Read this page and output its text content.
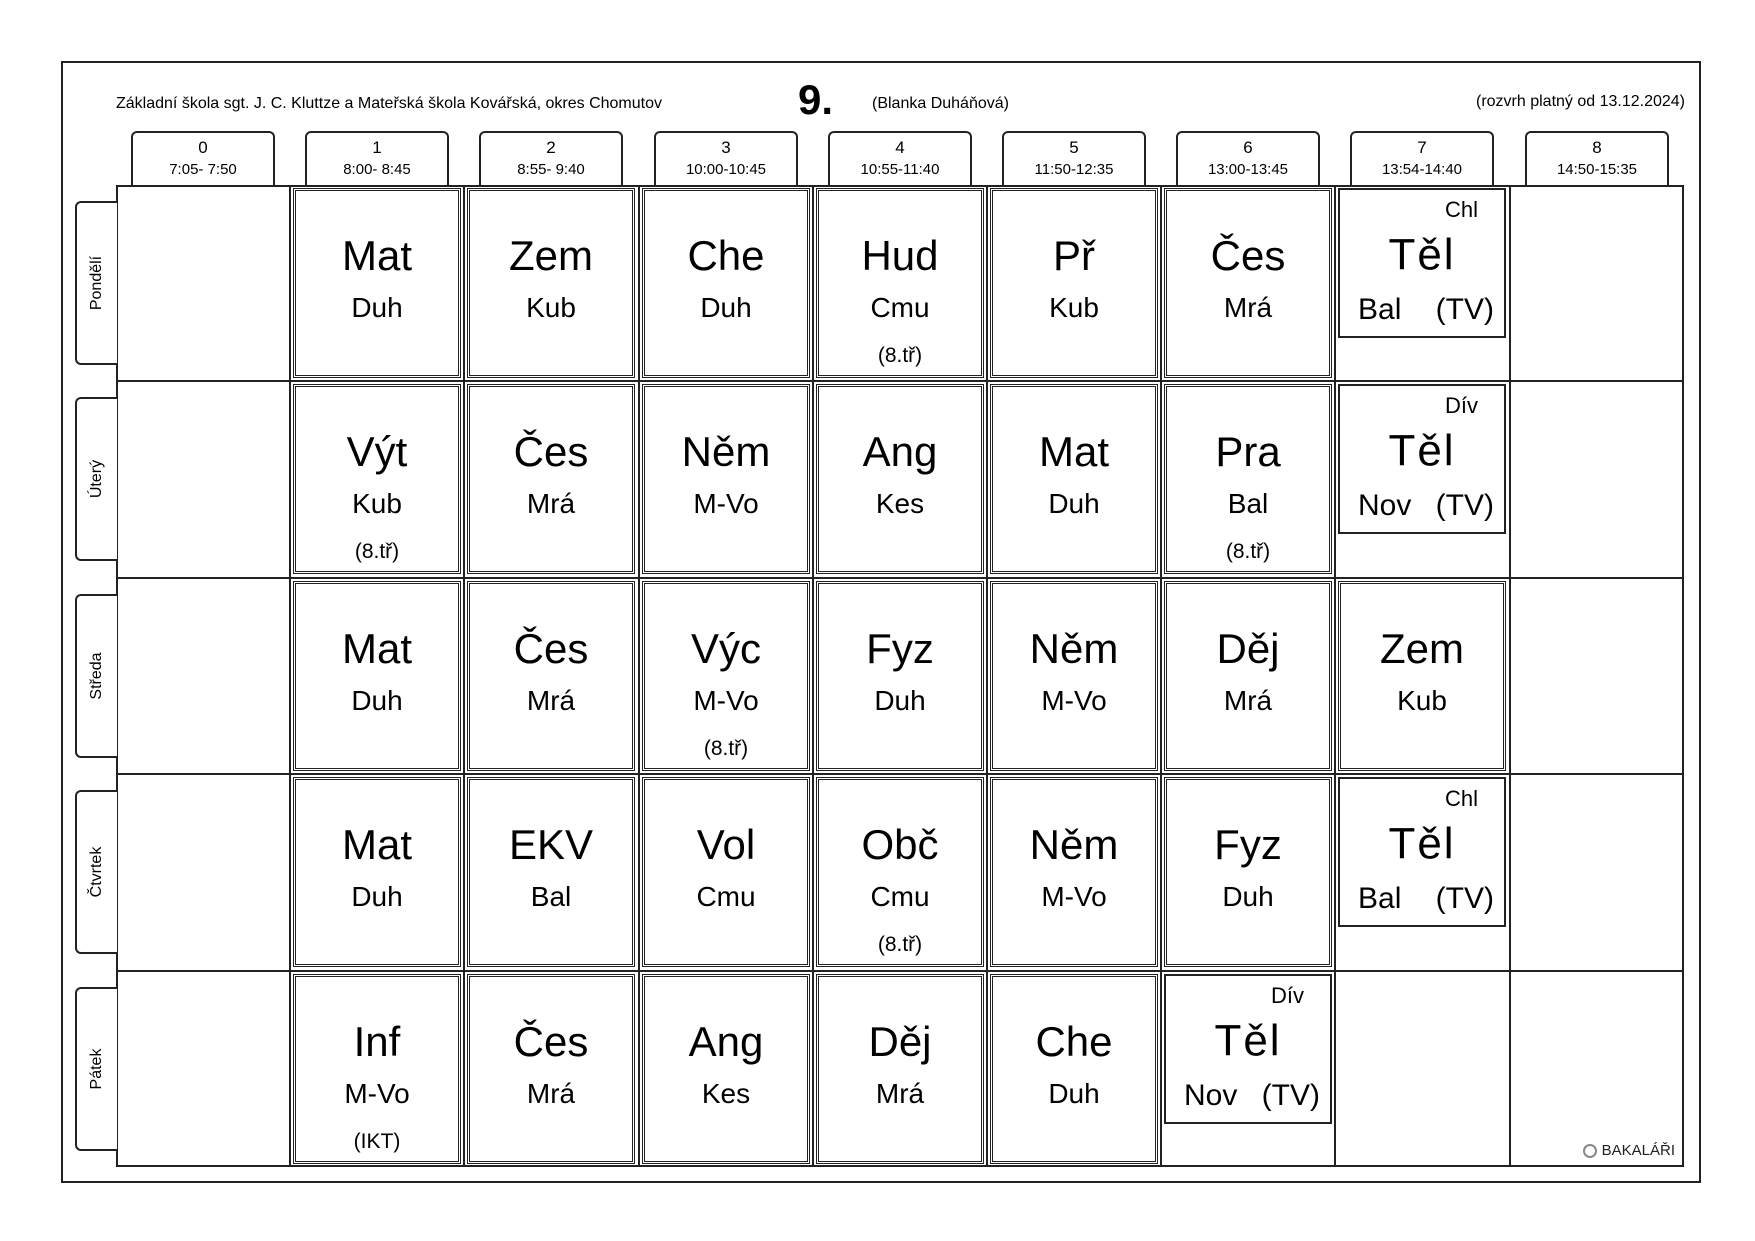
Základní škola sgt. J. C. Kluttze a Mateřská škola Kovářská, okres Chomutov	9. (Blanka Duháňová)	(rozvrh platný od 13.12.2024)
0
7:05- 7:50
1
8:00- 8:45
2
8:55- 9:40
3
10:00-10:45
4
10:55-11:40
5
11:50-12:35
6
13:00-13:45
7
13:54-14:40
8
14:50-15:35
Pondělí
Mat
Duh
Zem
Kub
Che
Duh
Hud
Cmu
(8.tř)
Př
Kub
Čes
Mrá
Chl
Těl
Bal (TV)
Úterý
Výt
Kub
(8.tř)
Čes
Mrá
Něm
M-Vo
Ang
Kes
Mat
Duh
Pra
Bal
(8.tř)
Dív
Těl
Nov (TV)
Středa
Mat
Duh
Čes
Mrá
Výc
M-Vo
(8.tř)
Fyz
Duh
Něm
M-Vo
Děj
Mrá
Zem
Kub
Čtvrtek
Mat
Duh
EKV
Bal
Vol
Cmu
Obč
Cmu
(8.tř)
Něm
M-Vo
Fyz
Duh
Chl
Těl
Bal (TV)
Pátek
Inf
M-Vo
(IKT)
Čes
Mrá
Ang
Kes
Děj
Mrá
Che
Duh
Dív
Těl
Nov (TV)
BAKALÁŘI
